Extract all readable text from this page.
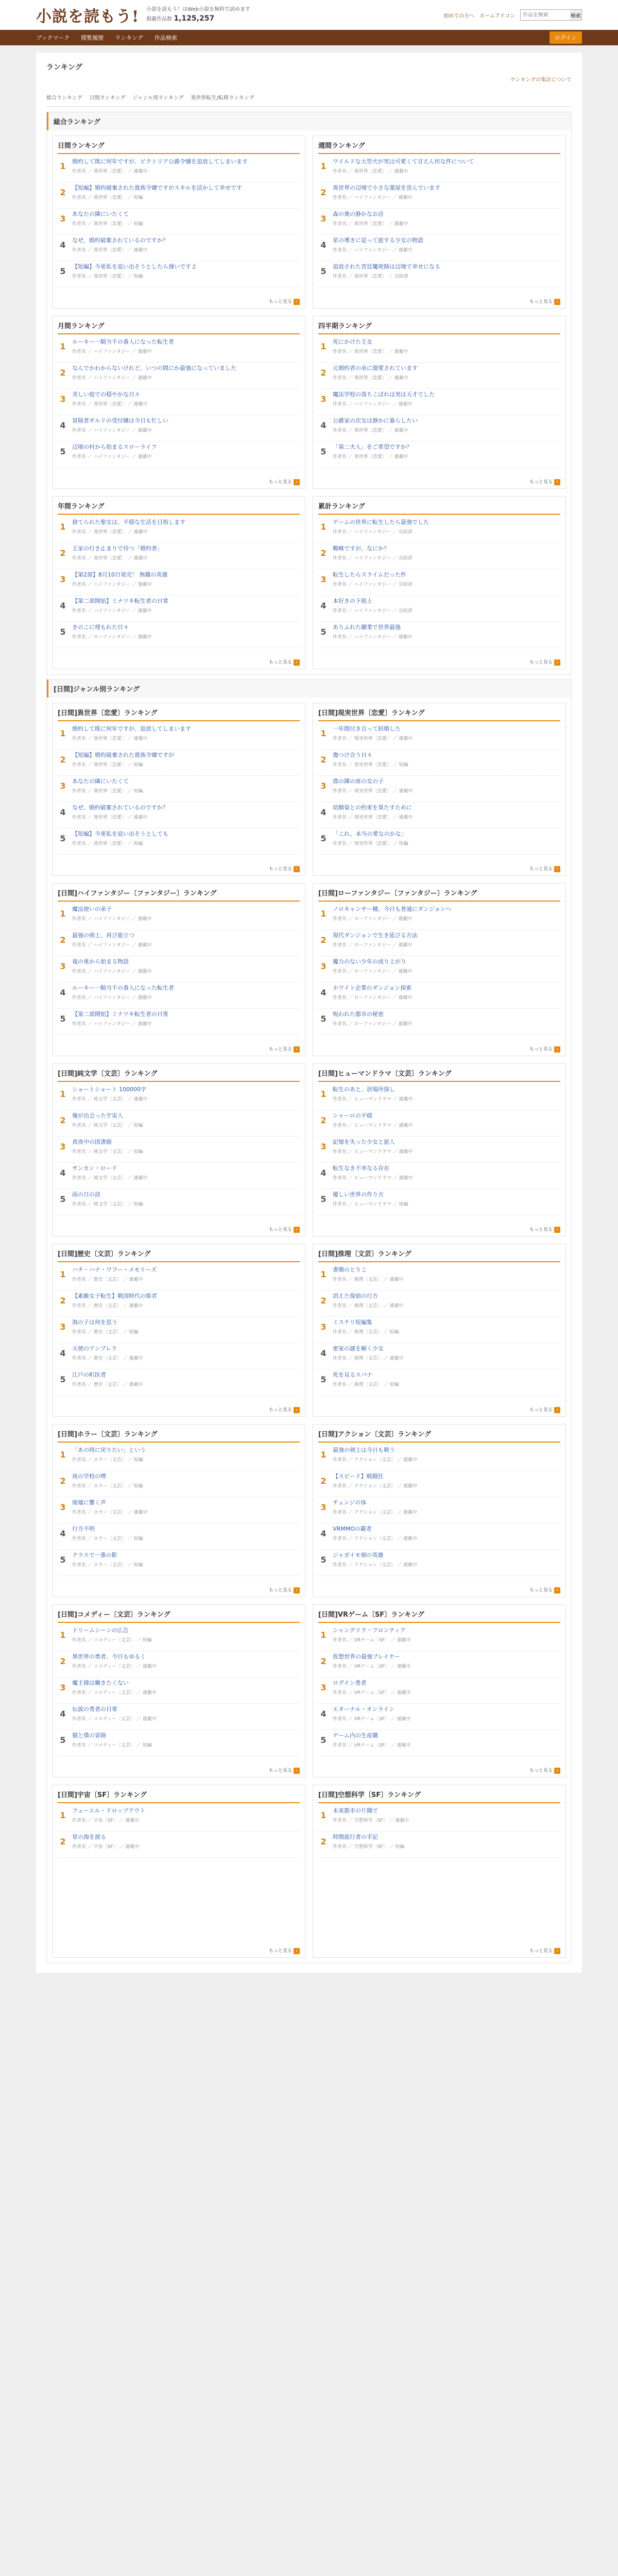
小説を読もう! 小説を読もう！はWeb小説を無料で読めます
掲載作品数 1,125,257	初めての方へ ホームアイコン
作品を検索	検索
ブックマーク 閲覧履歴 ランキング 作品検索	ログイン
ランキング
ランキングの集計について
総合ランキング 日間ランキング ジャンル別ランキング 異世界転生/転移ランキング
総合ランキング
日間ランキング
1 婚約して既に何年ですが、ビクトリア公爵令嬢を追放してしまいます
作者名 ／ 異世界〔恋愛〕 ／ 連載中
2 【短編】婚約破棄された貴族令嬢ですがスキルを活かして幸せです
作者名 ／ 異世界〔恋愛〕 ／ 短編
3 あなたの隣にいたくて
作者名 ／ 異世界〔恋愛〕 ／ 短編
4 なぜ、婚約破棄されているのですか？
作者名 ／ 異世界〔恋愛〕 ／ 連載中
5 【短編】今更私を追い出そうとしたら遅いですよ
作者名 ／ 異世界〔恋愛〕 ／ 短編
もっと見る ›
週間ランキング
1 ワイルドな大型犬が実は可愛くて甘えん坊な件について
作者名 ／ 異世界〔恋愛〕 ／ 連載中
2 異世界の辺境で小さな薬屋を営んでいます
作者名 ／ ハイファンタジー ／ 連載中
3 森の奥の静かなお店
作者名 ／ 異世界〔恋愛〕 ／ 連載中
4 星の導きに従って旅する少女の物語
作者名 ／ ハイファンタジー ／ 連載中
5 追放された宮廷魔術師は辺境で幸せになる
作者名 ／ 異世界〔恋愛〕 ／ 完結済
もっと見る ›
月間ランキング
1 ルーキー一騎当千の番人になった転生者
作者名 ／ ハイファンタジー ／ 連載中
2 なんでかわからないけれど、いつの間にか最強になっていました
作者名 ／ ハイファンタジー ／ 連載中
3 美しい庭での穏やかな日々
作者名 ／ 異世界〔恋愛〕 ／ 連載中
4 冒険者ギルドの受付嬢は今日も忙しい
作者名 ／ ハイファンタジー ／ 連載中
5 辺境の村から始まるスローライフ
作者名 ／ ハイファンタジー ／ 連載中
もっと見る ›
四半期ランキング
1 死にかけた王女
作者名 ／ 異世界〔恋愛〕 ／ 連載中
2 元婚約者の弟に溺愛されています
作者名 ／ 異世界〔恋愛〕 ／ 連載中
3 魔法学校の落ちこぼれは実は天才でした
作者名 ／ ハイファンタジー ／ 連載中
4 公爵家の次女は静かに暮らしたい
作者名 ／ 異世界〔恋愛〕 ／ 連載中
5 「第二夫人」をご希望ですか？
作者名 ／ 異世界〔恋愛〕 ／ 連載中
もっと見る ›
年間ランキング
1 捨てられた聖女は、平穏な生活を目指します
作者名 ／ 異世界〔恋愛〕 ／ 連載中
2 王家の行き止まりで待つ「婚約者」
作者名 ／ 異世界〔恋愛〕 ／ 連載中
3 【第2部】8月10日発売！ 無職の英雄
作者名 ／ ハイファンタジー ／ 連載中
4 【第二部開始】ミナツキ転生者の日常
作者名 ／ ハイファンタジー ／ 連載中
5 きのこに埋もれた日々
作者名 ／ ローファンタジー ／ 連載中
もっと見る ›
累計ランキング
1 ゲームの世界に転生したら最強でした
作者名 ／ ハイファンタジー ／ 完結済
2 蜘蛛ですが、なにか？
作者名 ／ ハイファンタジー ／ 完結済
3 転生したらスライムだった件
作者名 ／ ハイファンタジー ／ 完結済
4 本好きの下剋上
作者名 ／ ハイファンタジー ／ 完結済
5 ありふれた職業で世界最強
作者名 ／ ハイファンタジー ／ 連載中
もっと見る ›
[日間]ジャンル別ランキング
[日間]異世界〔恋愛〕ランキング
1 婚約して既に何年ですが、追放してしまいます
作者名 ／ 異世界〔恋愛〕 ／ 連載中
2 【短編】婚約破棄された貴族令嬢ですが
作者名 ／ 異世界〔恋愛〕 ／ 短編
3 あなたの隣にいたくて
作者名 ／ 異世界〔恋愛〕 ／ 短編
4 なぜ、婚約破棄されているのですか？
作者名 ／ 異世界〔恋愛〕 ／ 連載中
5 【短編】今更私を追い出そうとしても
作者名 ／ 異世界〔恋愛〕 ／ 短編
もっと見る ›
[日間]現実世界〔恋愛〕ランキング
1 一年間付き合って結婚した
作者名 ／ 現実世界〔恋愛〕 ／ 連載中
2 傷つけ合う日々
作者名 ／ 現実世界〔恋愛〕 ／ 短編
3 僕の隣の席の女の子
作者名 ／ 現実世界〔恋愛〕 ／ 連載中
4 幼馴染との約束を果たすために
作者名 ／ 現実世界〔恋愛〕 ／ 連載中
5 「これ、本当の愛なのかな」
作者名 ／ 現実世界〔恋愛〕 ／ 短編
もっと見る ›
[日間]ハイファンタジー〔ファンタジー〕ランキング
1 魔法使いの弟子
作者名 ／ ハイファンタジー ／ 連載中
2 最強の剣士、再び旅立つ
作者名 ／ ハイファンタジー ／ 連載中
3 竜の巣から始まる物語
作者名 ／ ハイファンタジー ／ 連載中
4 ルーキー一騎当千の番人になった転生者
作者名 ／ ハイファンタジー ／ 連載中
5 【第二部開始】ミナツキ転生者の日常
作者名 ／ ハイファンタジー ／ 連載中
もっと見る ›
[日間]ローファンタジー〔ファンタジー〕ランキング
1 ノロキャンサー種、今日も普通にダンジョンへ
作者名 ／ ローファンタジー ／ 連載中
2 現代ダンジョンで生き延びる方法
作者名 ／ ローファンタジー ／ 連載中
3 魔力のない少年の成り上がり
作者名 ／ ローファンタジー ／ 連載中
4 ホワイト企業のダンジョン探索
作者名 ／ ローファンタジー ／ 連載中
5 呪われた都市の秘密
作者名 ／ ローファンタジー ／ 連載中
もっと見る ›
[日間]純文学〔文芸〕ランキング
1 ショートショート 100000字
作者名 ／ 純文学〔文芸〕 ／ 連載中
2 俺が出会った宇宙人
作者名 ／ 純文学〔文芸〕 ／ 短編
3 真夜中の図書館
作者名 ／ 純文学〔文芸〕 ／ 短編
4 サンカン・ロード
作者名 ／ 純文学〔文芸〕 ／ 連載中
5 雨の日の詩
作者名 ／ 純文学〔文芸〕 ／ 短編
もっと見る ›
[日間]ヒューマンドラマ〔文芸〕ランキング
1 転生のあと、居場所探し
作者名 ／ ヒューマンドラマ ／ 連載中
2 シャーロの平穏
作者名 ／ ヒューマンドラマ ／ 連載中
3 記憶を失った少女と旅人
作者名 ／ ヒューマンドラマ ／ 連載中
4 転生なき不幸なる存在
作者名 ／ ヒューマンドラマ ／ 連載中
5 優しい世界の作り方
作者名 ／ ヒューマンドラマ ／ 短編
もっと見る ›
[日間]歴史〔文芸〕ランキング
1 ハチ・ハナ・ワフー・メモリーズ
作者名 ／ 歴史〔文芸〕 ／ 連載中
2 【素敵女子転生】戦国時代の姫君
作者名 ／ 歴史〔文芸〕 ／ 連載中
3 海の子は何を思う
作者名 ／ 歴史〔文芸〕 ／ 短編
4 天使のアンブレラ
作者名 ／ 歴史〔文芸〕 ／ 連載中
5 江戸の町医者
作者名 ／ 歴史〔文芸〕 ／ 連載中
もっと見る ›
[日間]推理〔文芸〕ランキング
1 書簡のとりこ
作者名 ／ 推理〔文芸〕 ／ 連載中
2 消えた探偵の行方
作者名 ／ 推理〔文芸〕 ／ 連載中
3 ミステリ短編集
作者名 ／ 推理〔文芸〕 ／ 短編
4 密室の謎を解く少女
作者名 ／ 推理〔文芸〕 ／ 連載中
5 死を見るスパナ
作者名 ／ 推理〔文芸〕 ／ 短編
もっと見る ›
[日間]ホラー〔文芸〕ランキング
1 「あの時に戻りたい」という
作者名 ／ ホラー〔文芸〕 ／ 短編
2 夜の学校の噂
作者名 ／ ホラー〔文芸〕 ／ 短編
3 廃墟に響く声
作者名 ／ ホラー〔文芸〕 ／ 連載中
4 行方不明
作者名 ／ ホラー〔文芸〕 ／ 短編
5 クラスで一番の影
作者名 ／ ホラー〔文芸〕 ／ 短編
もっと見る ›
[日間]アクション〔文芸〕ランキング
1 最強の剣士は今日も戦う
作者名 ／ アクション〔文芸〕 ／ 連載中
2 【スピード】戦闘狂
作者名 ／ アクション〔文芸〕 ／ 連載中
3 チェンジの体
作者名 ／ アクション〔文芸〕 ／ 連載中
4 VRMMOの覇者
作者名 ／ アクション〔文芸〕 ／ 連載中
5 ジャガイモ畑の英雄
作者名 ／ アクション〔文芸〕 ／ 連載中
もっと見る ›
[日間]コメディー〔文芸〕ランキング
1 ドリームシーンの広告
作者名 ／ コメディー〔文芸〕 ／ 短編
2 異世界の勇者、今日もゆるく
作者名 ／ コメディー〔文芸〕 ／ 連載中
3 魔王様は働きたくない
作者名 ／ コメディー〔文芸〕 ／ 連載中
4 伝説の勇者の日常
作者名 ／ コメディー〔文芸〕 ／ 連載中
5 猫と僕の冒険
作者名 ／ コメディー〔文芸〕 ／ 短編
もっと見る ›
[日間]VRゲーム〔SF〕ランキング
1 シャングリラ・フロンティア
作者名 ／ VRゲーム〔SF〕 ／ 連載中
2 仮想世界の最強プレイヤー
作者名 ／ VRゲーム〔SF〕 ／ 連載中
3 ログイン勇者
作者名 ／ VRゲーム〔SF〕 ／ 連載中
4 エターナル・オンライン
作者名 ／ VRゲーム〔SF〕 ／ 連載中
5 ゲーム内の生産職
作者名 ／ VRゲーム〔SF〕 ／ 連載中
もっと見る ›
[日間]宇宙〔SF〕ランキング
1 フューエル・ドロップアウト
作者名 ／ 宇宙〔SF〕 ／ 連載中
2 星の海を渡る
作者名 ／ 宇宙〔SF〕 ／ 連載中
もっと見る ›
[日間]空想科学〔SF〕ランキング
1 未来都市の片隅で
作者名 ／ 空想科学〔SF〕 ／ 連載中
2 時間旅行者の手記
作者名 ／ 空想科学〔SF〕 ／ 短編
もっと見る ›
